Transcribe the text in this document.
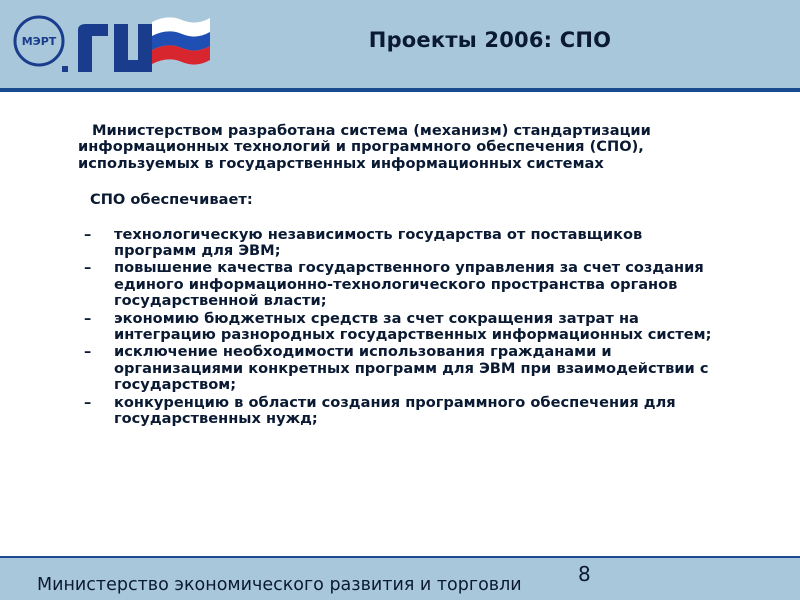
МЭРТ	Проекты 2006: СПО

Министерством разработана система (механизм) стандартизации информационных технологий и программного обеспечения (СПО), используемых в государственных информационных системах

СПО обеспечивает:

– технологическую независимость государства от поставщиков программ для ЭВМ;
– повышение качества государственного управления за счет создания единого информационно-технологического пространства органов государственной власти;
– экономию бюджетных средств за счет сокращения затрат на интеграцию разнородных государственных информационных систем;
– исключение необходимости использования гражданами и организациями конкретных программ для ЭВМ при взаимодействии с государством;
– конкуренцию в области создания программного обеспечения для государственных нужд;
Министерство экономического развития и торговли	8
